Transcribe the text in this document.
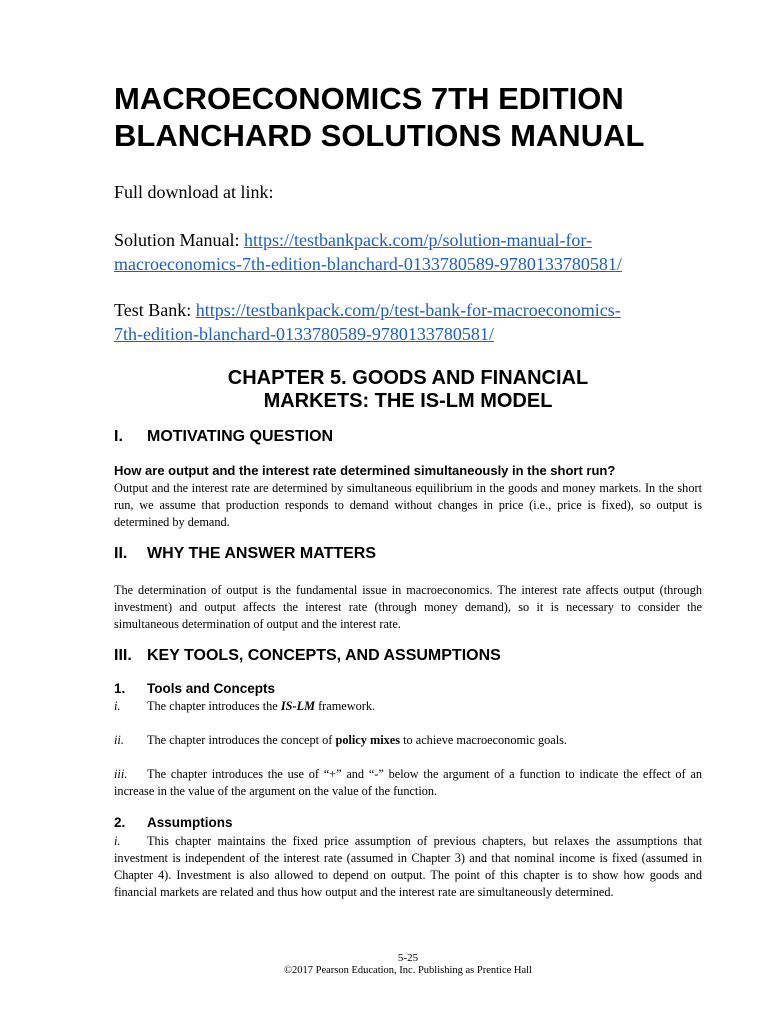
MACROECONOMICS 7TH EDITION
BLANCHARD SOLUTIONS MANUAL
Full download at link:
Solution Manual: https://testbankpack.com/p/solution-manual-for-
macroeconomics-7th-edition-blanchard-0133780589-9780133780581/
Test Bank: https://testbankpack.com/p/test-bank-for-macroeconomics-
7th-edition-blanchard-0133780589-9780133780581/
CHAPTER 5. GOODS AND FINANCIAL
MARKETS: THE IS-LM MODEL
I. MOTIVATING QUESTION
How are output and the interest rate determined simultaneously in the short run?
Output and the interest rate are determined by simultaneous equilibrium in the goods and money markets. In the short run, we assume that production responds to demand without changes in price (i.e., price is fixed), so output is determined by demand.
II. WHY THE ANSWER MATTERS
The determination of output is the fundamental issue in macroeconomics. The interest rate affects output (through investment) and output affects the interest rate (through money demand), so it is necessary to consider the simultaneous determination of output and the interest rate.
III. KEY TOOLS, CONCEPTS, AND ASSUMPTIONS
1. Tools and Concepts
i. The chapter introduces the IS-LM framework.
ii. The chapter introduces the concept of policy mixes to achieve macroeconomic goals.
iii. The chapter introduces the use of “+” and “-” below the argument of a function to indicate the effect of an increase in the value of the argument on the value of the function.
2. Assumptions
i. This chapter maintains the fixed price assumption of previous chapters, but relaxes the assumptions that investment is independent of the interest rate (assumed in Chapter 3) and that nominal income is fixed (assumed in Chapter 4). Investment is also allowed to depend on output. The point of this chapter is to show how goods and financial markets are related and thus how output and the interest rate are simultaneously determined.
5-25
©2017 Pearson Education, Inc. Publishing as Prentice Hall
